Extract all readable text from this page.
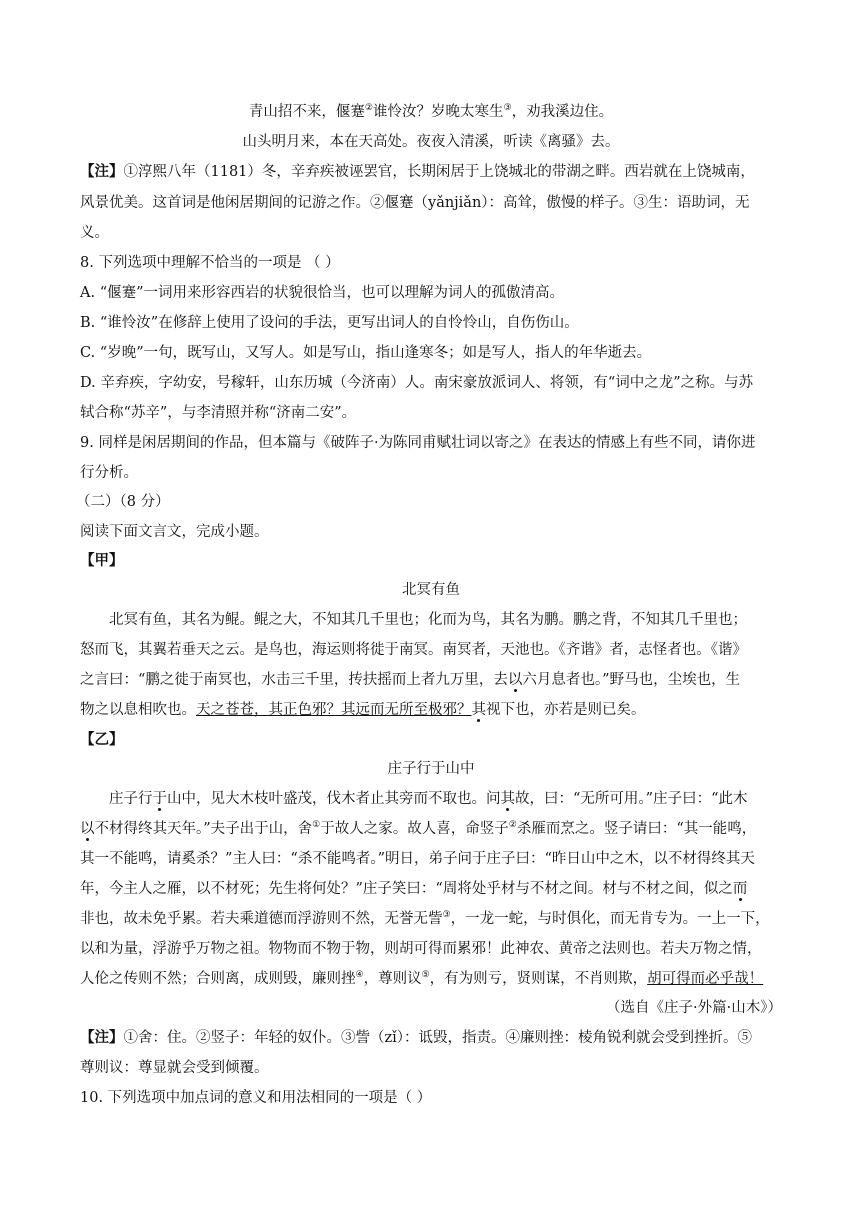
青山招不来，偃蹇②谁怜汝？岁晚太寒生③，劝我溪边住。
山头明月来，本在天高处。夜夜入清溪，听读《离骚》去。
【注】①淳熙八年（1181）冬，辛弃疾被诬罢官，长期闲居于上饶城北的带湖之畔。西岩就在上饶城南，
风景优美。这首词是他闲居期间的记游之作。②偃蹇（yǎnjiǎn）：高耸，傲慢的样子。③生：语助词，无
义。
8. 下列选项中理解不恰当的一项是 （ ）
A. “偃蹇”一词用来形容西岩的状貌很恰当，也可以理解为词人的孤傲清高。
B. “谁怜汝”在修辞上使用了设问的手法，更写出词人的自怜怜山，自伤伤山。
C. “岁晚”一句，既写山，又写人。如是写山，指山逢寒冬；如是写人，指人的年华逝去。
D. 辛弃疾，字幼安，号稼轩，山东历城（今济南）人。南宋豪放派词人、将领，有“词中之龙”之称。与苏
轼合称“苏辛”，与李清照并称“济南二安”。
9. 同样是闲居期间的作品，但本篇与《破阵子·为陈同甫赋壮词以寄之》在表达的情感上有些不同，请你进
行分析。
（二）（8 分）
阅读下面文言文，完成小题。
【甲】
北冥有鱼
北冥有鱼，其名为鲲。鲲之大，不知其几千里也；化而为鸟，其名为鹏。鹏之背，不知其几千里也；
怒而飞，其翼若垂天之云。是鸟也，海运则将徙于南冥。南冥者，天池也。《齐谐》者，志怪者也。《谐》
之言曰：“鹏之徙于南冥也，水击三千里，抟扶摇而上者九万里，去以六月息者也。”野马也，尘埃也，生
物之以息相吹也。天之苍苍，其正色邪？其远而无所至极邪？其视下也，亦若是则已矣。
【乙】
庄子行于山中
庄子行于山中，见大木枝叶盛茂，伐木者止其旁而不取也。问其故，曰：“无所可用。”庄子曰：“此木
以不材得终其天年。”夫子出于山，舍①于故人之家。故人喜，命竖子②杀雁而烹之。竖子请曰：“其一能鸣，
其一不能鸣，请奚杀？”主人曰：“杀不能鸣者。”明日，弟子问于庄子曰：“昨日山中之木，以不材得终其天
年，今主人之雁，以不材死；先生将何处？”庄子笑曰：“周将处乎材与不材之间。材与不材之间，似之而
非也，故未免乎累。若夫乘道德而浮游则不然，无誉无訾③，一龙一蛇，与时俱化，而无肯专为。一上一下，
以和为量，浮游乎万物之祖。物物而不物于物，则胡可得而累邪！此神农、黄帝之法则也。若夫万物之情，
人伦之传则不然；合则离，成则毁，廉则挫④，尊则议⑤，有为则亏，贤则谋，不肖则欺，胡可得而必乎哉！
（选自《庄子·外篇·山木》）
【注】①舍：住。②竖子：年轻的奴仆。③訾（zǐ）：诋毁，指责。④廉则挫：棱角锐利就会受到挫折。⑤
尊则议：尊显就会受到倾覆。
10. 下列选项中加点词的意义和用法相同的一项是（ ）
